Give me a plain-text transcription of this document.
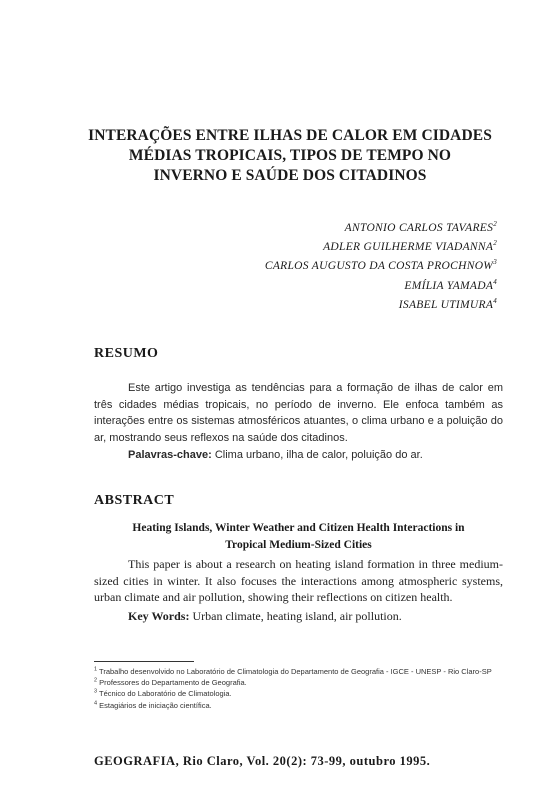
INTERAÇÕES ENTRE ILHAS DE CALOR EM CIDADES
MÉDIAS TROPICAIS, TIPOS DE TEMPO NO
INVERNO E SAÚDE DOS CITADINOS
ANTONIO CARLOS TAVARES$^2$
ADLER GUILHERME VIADANNA$^2$
CARLOS AUGUSTO DA COSTA PROCHNOW$^3$
EMÍLIA YAMADA$^4$
ISABEL UTIMURA$^4$
RESUMO
Este artigo investiga as tendências para a formação de ilhas de calor em três cidades médias tropicais, no período de inverno. Ele enfoca também as interações entre os sistemas atmosféricos atuantes, o clima urbano e a poluição do ar, mostrando seus reflexos na saúde dos citadinos.
Palavras-chave: Clima urbano, ilha de calor, poluição do ar.
ABSTRACT
Heating Islands, Winter Weather and Citizen Health Interactions in
Tropical Medium-Sized Cities
This paper is about a research on heating island formation in three medium-sized cities in winter. It also focuses the interactions among atmospheric systems, urban climate and air pollution, showing their reflections on citizen health.
Key Words: Urban climate, heating island, air pollution.
$^1$ Trabalho desenvolvido no Laboratório de Climatologia do Departamento de Geografia - IGCE - UNESP - Rio Claro-SP
$^2$ Professores do Departamento de Geografia.
$^3$ Técnico do Laboratório de Climatologia.
$^4$ Estagiários de iniciação científica.
GEOGRAFIA, Rio Claro, Vol. 20(2): 73-99, outubro 1995.
